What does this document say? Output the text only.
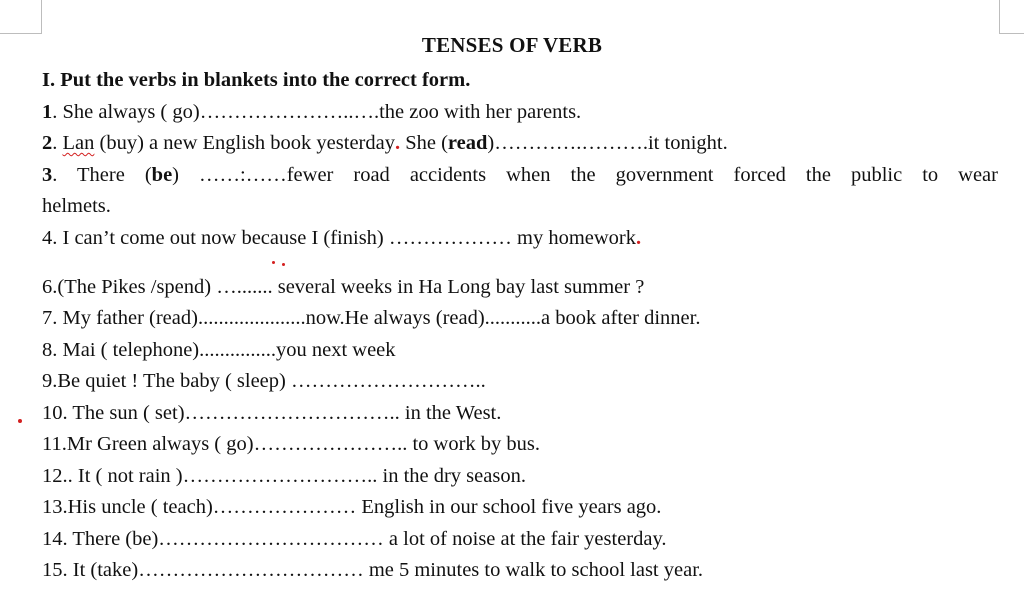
TENSES OF VERB
I. Put the verbs in blankets into the correct form.
1. She always ( go)…………………..….the zoo with her parents.
2. Lan (buy) a new English book yesterday. She (read)………….……….it tonight.
3. There (be) ……:……fewer road accidents when the government forced the public to wear
helmets.
4. I can’t come out now because I (finish) ……………… my homework.
6.(The Pikes /spend) …....... several weeks in Ha Long bay last summer ?
7. My father (read).....................now.He always (read)...........a book after dinner.
8. Mai ( telephone)...............you next week
9.Be quiet ! The baby ( sleep) ………………………..
10. The sun ( set)………………………….. in the West.
11.Mr Green always ( go)………………….. to work by bus.
12.. It ( not rain )……………………….. in the dry season.
13.His uncle ( teach)………………… English in our school five years ago.
14. There (be)…………………………… a lot of noise at the fair yesterday.
15. It (take)…………………………… me 5 minutes to walk to school last year.
